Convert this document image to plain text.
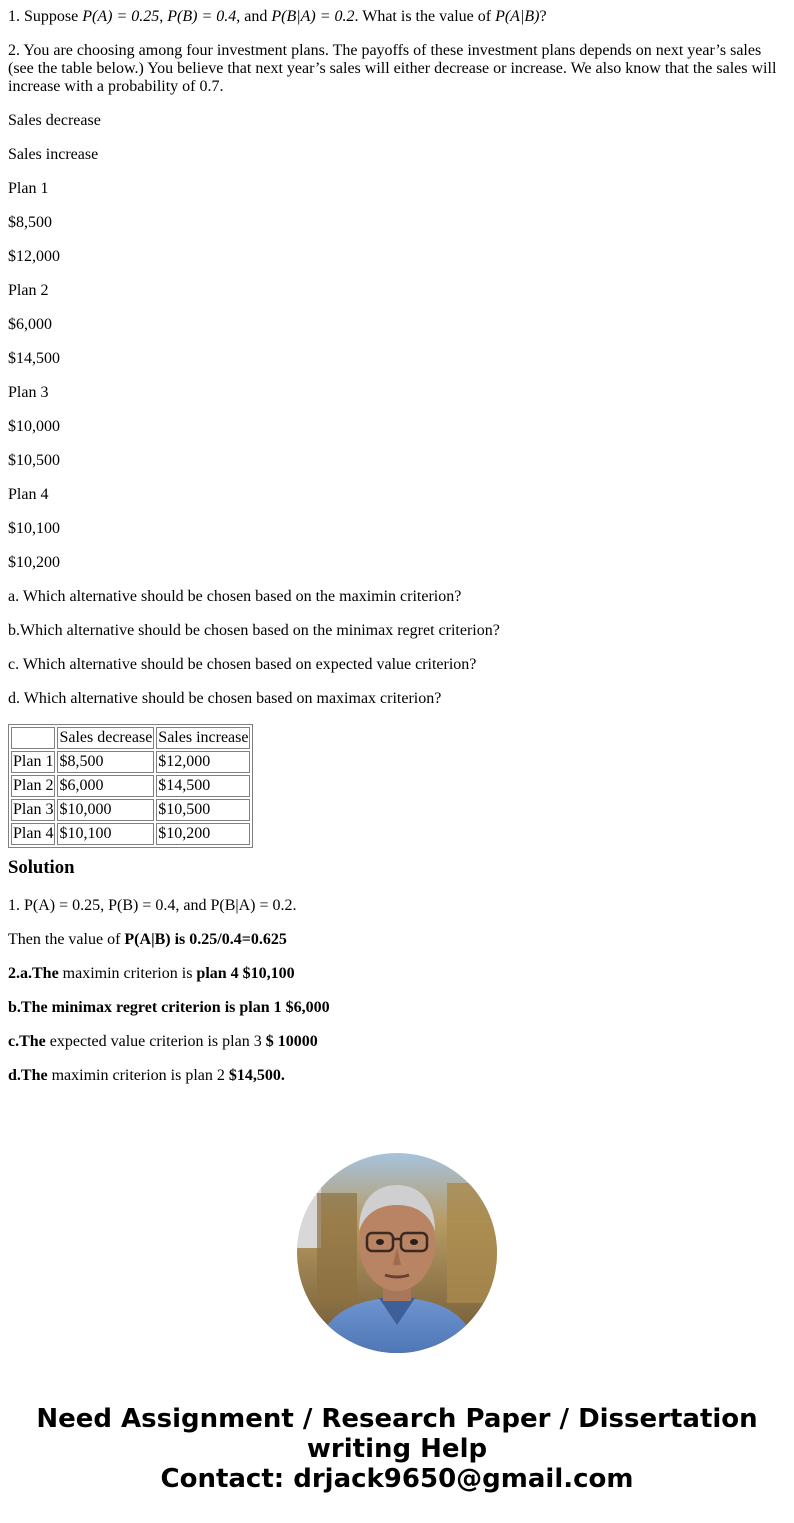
1. Suppose P(A) = 0.25, P(B) = 0.4, and P(B|A) = 0.2. What is the value of P(A|B)?

2. You are choosing among four investment plans. The payoffs of these investment plans depends on next year’s sales (see the table below.) You believe that next year’s sales will either decrease or increase. We also know that the sales will increase with a probability of 0.7.

Sales decrease

Sales increase

Plan 1

$8,500

$12,000

Plan 2

$6,000

$14,500

Plan 3

$10,000

$10,500

Plan 4

$10,100

$10,200

a. Which alternative should be chosen based on the maximin criterion?

b.Which alternative should be chosen based on the minimax regret criterion?

c. Which alternative should be chosen based on expected value criterion?

d. Which alternative should be chosen based on maximax criterion?

	Sales decrease	Sales increase
Plan 1	$8,500	$12,000
Plan 2	$6,000	$14,500
Plan 3	$10,000	$10,500
Plan 4	$10,100	$10,200
Solution

1. P(A) = 0.25, P(B) = 0.4, and P(B|A) = 0.2.

Then the value of P(A|B) is 0.25/0.4=0.625

2.a.The maximin criterion is plan 4 $10,100

b.The minimax regret criterion is plan 1 $6,000

c.The expected value criterion is plan 3 $ 10000

d.The maximin criterion is plan 2 $14,500.

Need Assignment / Research Paper / Dissertation
writing Help
Contact: drjack9650@gmail.com
